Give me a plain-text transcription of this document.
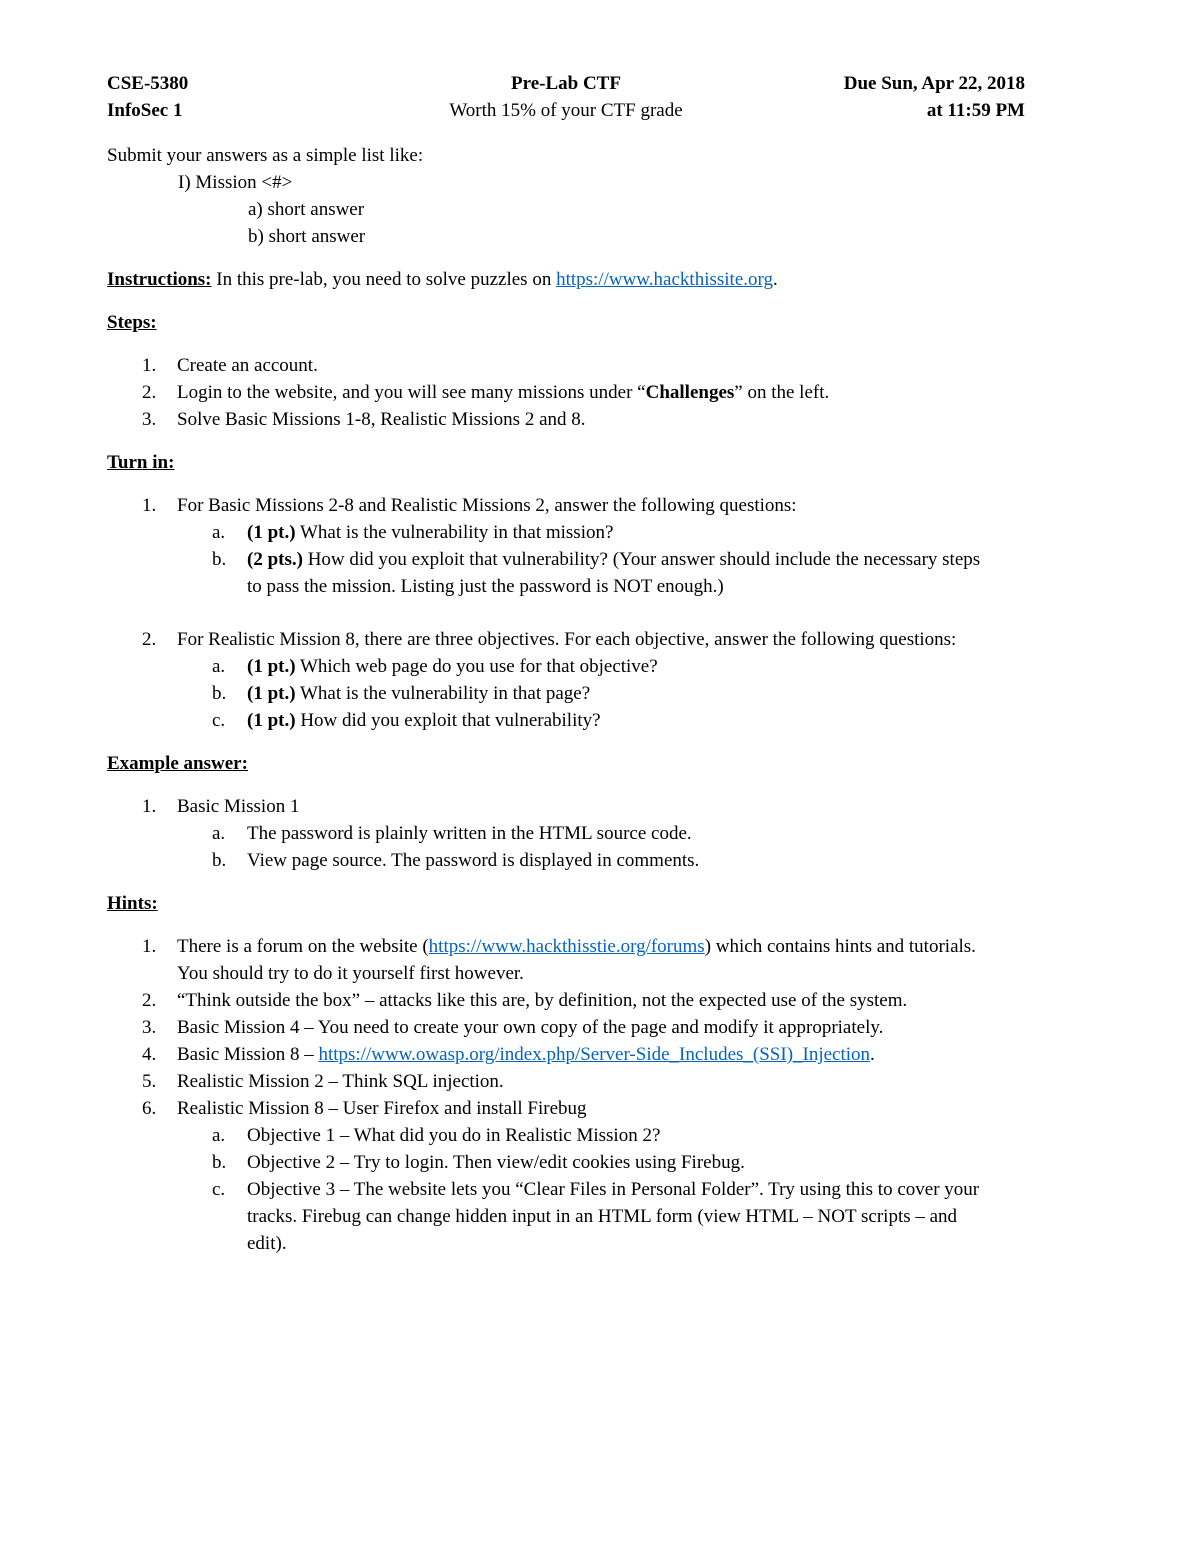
Pre-Lab CTF
Worth 15% of your CTF grade
CSE-5380
InfoSec 1
Due Sun, Apr 22, 2018
at 11:59 PM
Submit your answers as a simple list like:
I) Mission <#>
a) short answer
b) short answer
Instructions: In this pre-lab, you need to solve puzzles on https://www.hackthissite.org.
Steps:
1. Create an account.
2. Login to the website, and you will see many missions under “Challenges” on the left.
3. Solve Basic Missions 1-8, Realistic Missions 2 and 8.
Turn in:
1. For Basic Missions 2-8 and Realistic Missions 2, answer the following questions:
a. (1 pt.) What is the vulnerability in that mission?
b. (2 pts.) How did you exploit that vulnerability? (Your answer should include the necessary steps
to pass the mission. Listing just the password is NOT enough.)
2. For Realistic Mission 8, there are three objectives. For each objective, answer the following questions:
a. (1 pt.) Which web page do you use for that objective?
b. (1 pt.) What is the vulnerability in that page?
c. (1 pt.) How did you exploit that vulnerability?
Example answer:
1. Basic Mission 1
a. The password is plainly written in the HTML source code.
b. View page source. The password is displayed in comments.
Hints:
1. There is a forum on the website (https://www.hackthisstie.org/forums) which contains hints and tutorials.
You should try to do it yourself first however.
2. “Think outside the box” – attacks like this are, by definition, not the expected use of the system.
3. Basic Mission 4 – You need to create your own copy of the page and modify it appropriately.
4. Basic Mission 8 – https://www.owasp.org/index.php/Server-Side_Includes_(SSI)_Injection.
5. Realistic Mission 2 – Think SQL injection.
6. Realistic Mission 8 – User Firefox and install Firebug
a. Objective 1 – What did you do in Realistic Mission 2?
b. Objective 2 – Try to login. Then view/edit cookies using Firebug.
c. Objective 3 – The website lets you “Clear Files in Personal Folder”. Try using this to cover your
tracks. Firebug can change hidden input in an HTML form (view HTML – NOT scripts – and
edit).
